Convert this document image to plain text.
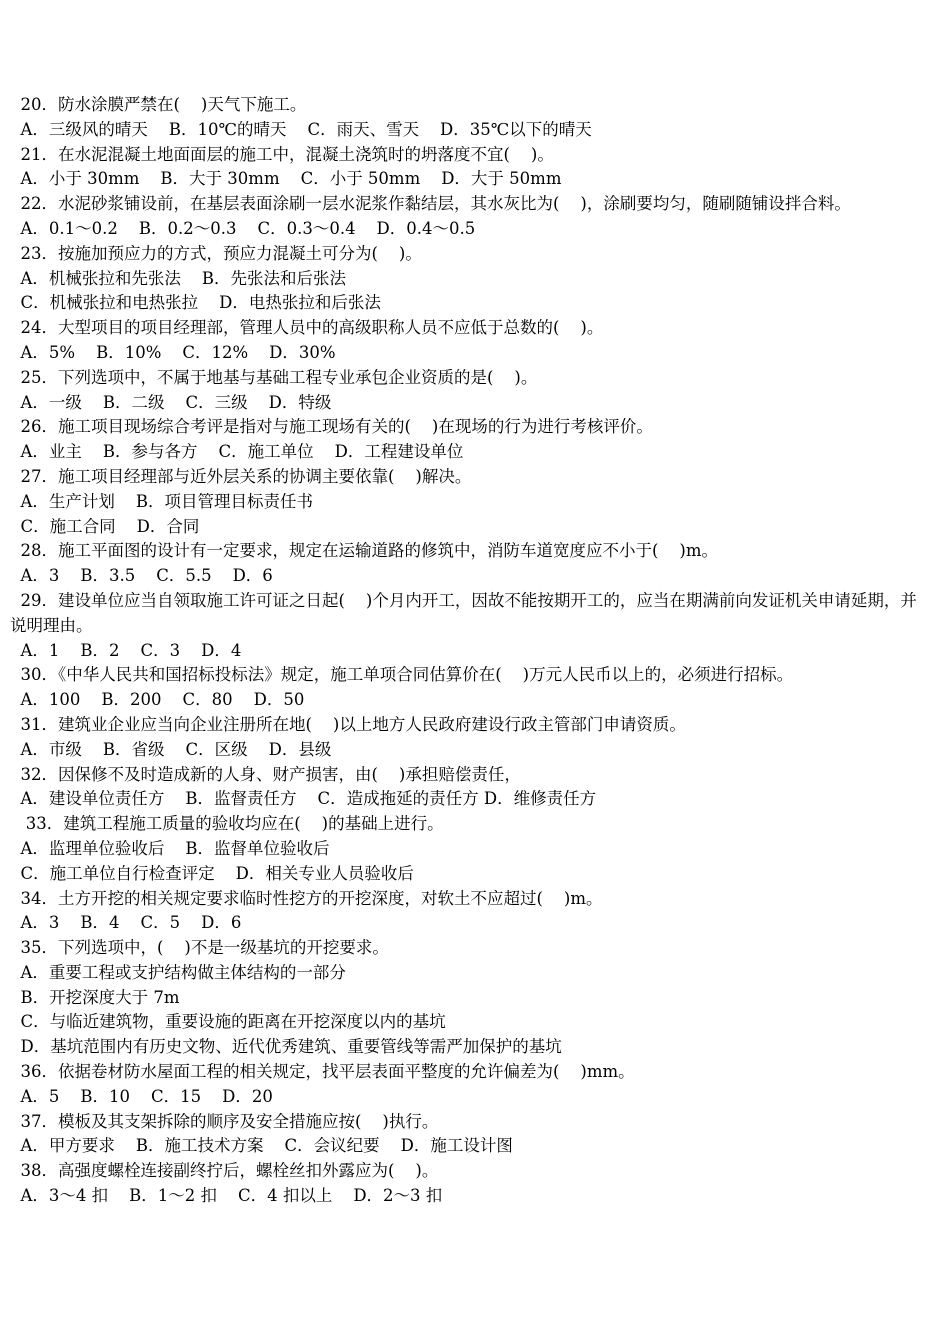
20．防水涂膜严禁在(    )天气下施工。
A．三级风的晴天    B．10℃的晴天    C．雨天、雪天    D．35℃以下的晴天
21．在水泥混凝土地面面层的施工中，混凝土浇筑时的坍落度不宜(    )。
A．小于 30mm    B．大于 30mm    C．小于 50mm    D．大于 50mm
22．水泥砂浆铺设前，在基层表面涂刷一层水泥浆作黏结层，其水灰比为(    )，涂刷要均匀，随刷随铺设拌合料。
A．0.1～0.2    B．0.2～0.3    C．0.3～0.4    D．0.4～0.5
23．按施加预应力的方式，预应力混凝土可分为(    )。
A．机械张拉和先张法    B．先张法和后张法
C．机械张拉和电热张拉    D．电热张拉和后张法
24．大型项目的项目经理部，管理人员中的高级职称人员不应低于总数的(    )。
A．5%    B．10%    C．12%    D．30%
25．下列选项中，不属于地基与基础工程专业承包企业资质的是(    )。
A．一级    B．二级    C．三级    D．特级
26．施工项目现场综合考评是指对与施工现场有关的(    )在现场的行为进行考核评价。
A．业主    B．参与各方    C．施工单位    D．工程建设单位
27．施工项目经理部与近外层关系的协调主要依靠(    )解决。
A．生产计划    B．项目管理目标责任书
C．施工合同    D．合同
28．施工平面图的设计有一定要求，规定在运输道路的修筑中，消防车道宽度应不小于(    )m。
A．3    B．3.5    C．5.5    D．6
29．建设单位应当自领取施工许可证之日起(    )个月内开工，因故不能按期开工的，应当在期满前向发证机关申请延期，并说明理由。
A．1    B．2    C．3    D．4
30．《中华人民共和国招标投标法》规定，施工单项合同估算价在(    )万元人民币以上的，必须进行招标。
A．100    B．200    C．80    D．50
31．建筑业企业应当向企业注册所在地(    )以上地方人民政府建设行政主管部门申请资质。
A．市级    B．省级    C．区级    D．县级
32．因保修不及时造成新的人身、财产损害，由(    )承担赔偿责任，
A．建设单位责任方    B．监督责任方    C．造成拖延的责任方 D．维修责任方
33．建筑工程施工质量的验收均应在(    )的基础上进行。
A．监理单位验收后    B．监督单位验收后
C．施工单位自行检查评定    D．相关专业人员验收后
34．土方开挖的相关规定要求临时性挖方的开挖深度，对软土不应超过(    )m。
A．3    B．4    C．5    D．6
35．下列选项中，(    )不是一级基坑的开挖要求。
A．重要工程或支护结构做主体结构的一部分
B．开挖深度大于 7m
C．与临近建筑物，重要设施的距离在开挖深度以内的基坑
D．基坑范围内有历史文物、近代优秀建筑、重要管线等需严加保护的基坑
36．依据卷材防水屋面工程的相关规定，找平层表面平整度的允许偏差为(    )mm。
A．5    B．10    C．15    D．20
37．模板及其支架拆除的顺序及安全措施应按(    )执行。
A．甲方要求    B．施工技术方案    C．会议纪要    D．施工设计图
38．高强度螺栓连接副终拧后，螺栓丝扣外露应为(    )。
A．3～4 扣    B．1～2 扣    C．4 扣以上    D．2～3 扣
